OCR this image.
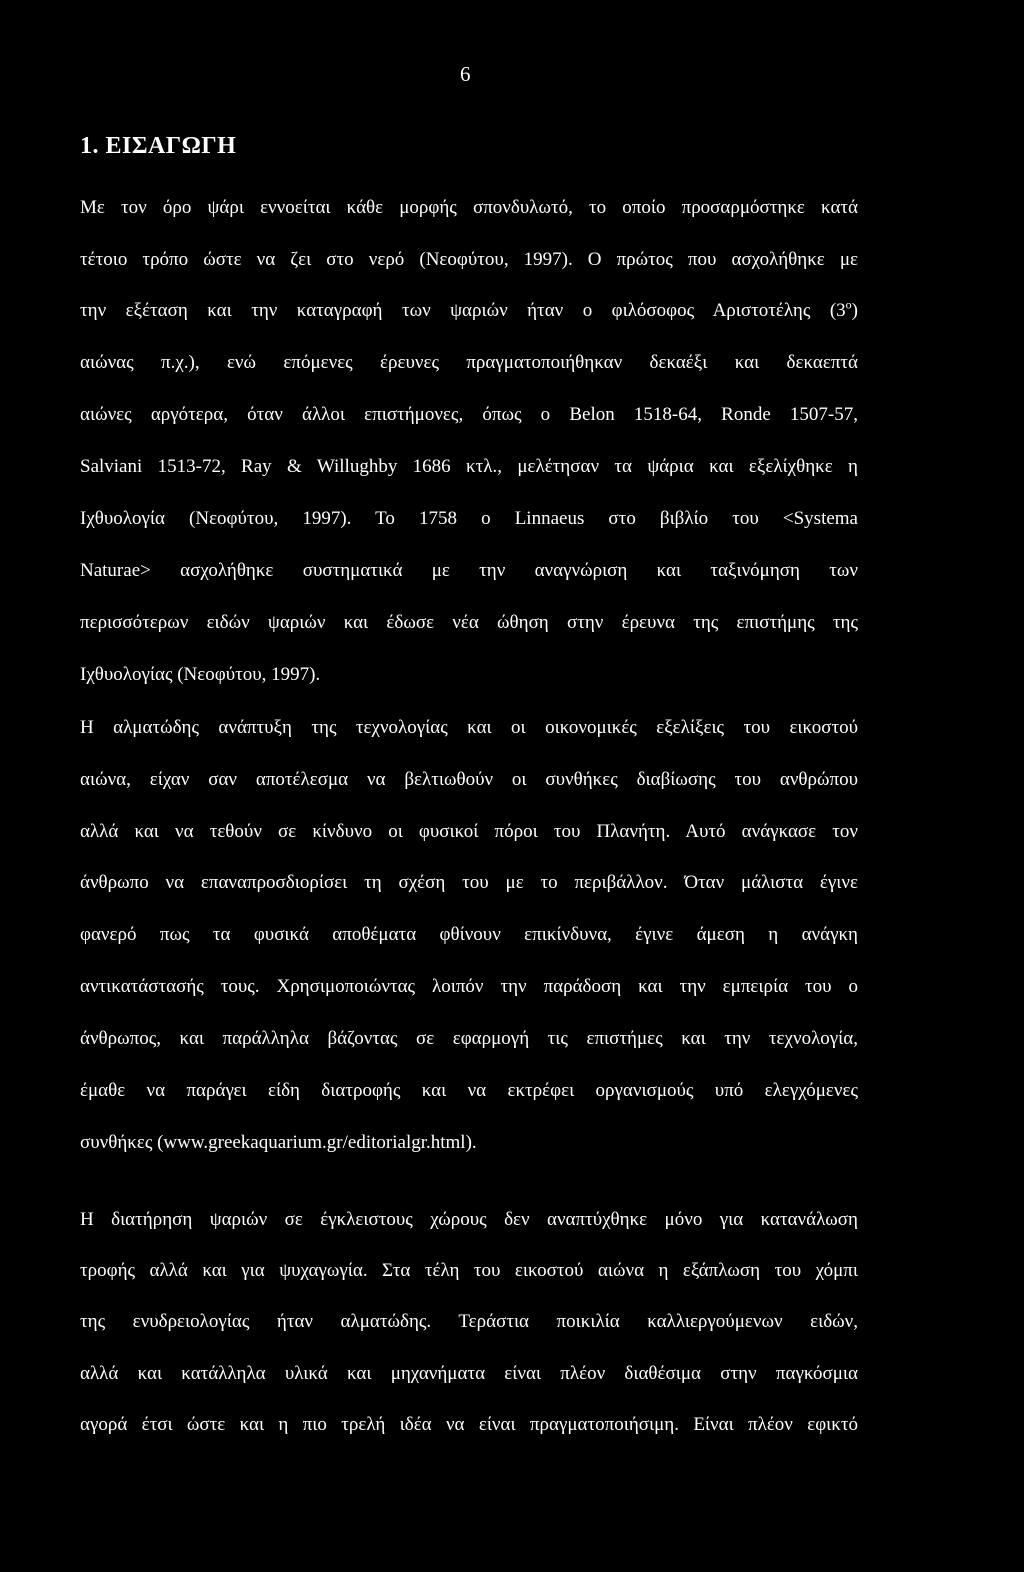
6
1. ΕΙΣΑΓΩΓΗ
Με τον όρο ψάρι εννοείται κάθε μορφής σπονδυλωτό, το οποίο προσαρμόστηκε κατά
τέτοιο τρόπο ώστε να ζει στο νερό (Νεοφύτου, 1997). Ο πρώτος που ασχολήθηκε με
την εξέταση και την καταγραφή των ψαριών ήταν ο φιλόσοφος Αριστοτέλης $(3^o)$
αιώνας π.χ.), ενώ επόμενες έρευνες πραγματοποιήθηκαν δεκαέξι και δεκαεπτά
αιώνες αργότερα, όταν άλλοι επιστήμονες, όπως ο Belon 1518-64, Ronde 1507-57,
Salviani 1513-72, Ray & Willughby 1686 κτλ., μελέτησαν τα ψάρια και εξελίχθηκε η
Ιχθυολογία (Νεοφύτου, 1997). Το 1758 ο Linnaeus στο βιβλίο του <Systema
Naturae> ασχολήθηκε συστηματικά με την αναγνώριση και ταξινόμηση των
περισσότερων ειδών ψαριών και έδωσε νέα ώθηση στην έρευνα της επιστήμης της
Ιχθυολογίας (Νεοφύτου, 1997).
Η αλματώδης ανάπτυξη της τεχνολογίας και οι οικονομικές εξελίξεις του εικοστού
αιώνα, είχαν σαν αποτέλεσμα να βελτιωθούν οι συνθήκες διαβίωσης του ανθρώπου
αλλά και να τεθούν σε κίνδυνο οι φυσικοί πόροι του Πλανήτη. Αυτό ανάγκασε τον
άνθρωπο να επαναπροσδιορίσει τη σχέση του με το περιβάλλον. Όταν μάλιστα έγινε
φανερό πως τα φυσικά αποθέματα φθίνουν επικίνδυνα, έγινε άμεση η ανάγκη
αντικατάστασής τους. Χρησιμοποιώντας λοιπόν την παράδοση και την εμπειρία του ο
άνθρωπος, και παράλληλα βάζοντας σε εφαρμογή τις επιστήμες και την τεχνολογία,
έμαθε να παράγει είδη διατροφής και να εκτρέφει οργανισμούς υπό ελεγχόμενες
συνθήκες (www.greekaquarium.gr/editorialgr.html).
Η διατήρηση ψαριών σε έγκλειστους χώρους δεν αναπτύχθηκε μόνο για κατανάλωση
τροφής αλλά και για ψυχαγωγία. Στα τέλη του εικοστού αιώνα η εξάπλωση του χόμπι
της ενυδρειολογίας ήταν αλματώδης. Τεράστια ποικιλία καλλιεργούμενων ειδών,
αλλά και κατάλληλα υλικά και μηχανήματα είναι πλέον διαθέσιμα στην παγκόσμια
αγορά έτσι ώστε και η πιο τρελή ιδέα να είναι πραγματοποιήσιμη. Είναι πλέον εφικτό
